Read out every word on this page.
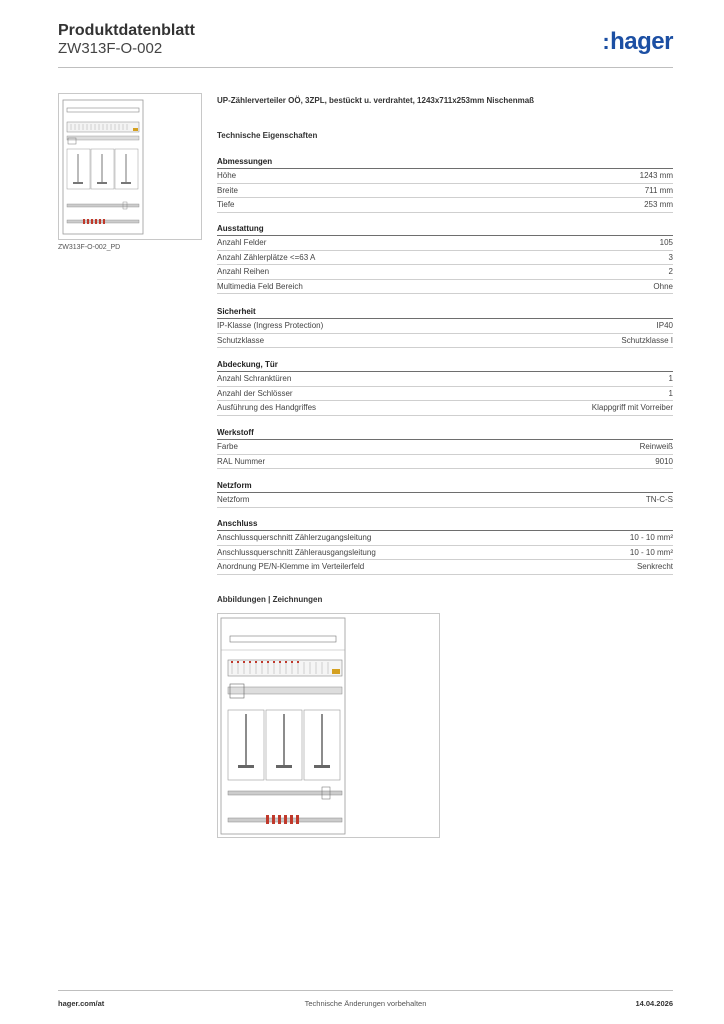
Produktdatenblatt
ZW313F-O-002	:hager
ZW313F-O-002_PD
UP-Zählerverteiler OÖ, 3ZPL, bestückt u. verdrahtet, 1243x711x253mm Nischenmaß
Technische Eigenschaften
Abmessungen
Höhe	1243 mm
Breite	711 mm
Tiefe	253 mm
Ausstattung
Anzahl Felder	105
Anzahl Zählerplätze <=63 A	3
Anzahl Reihen	2
Multimedia Feld Bereich	Ohne
Sicherheit
IP-Klasse (Ingress Protection)	IP40
Schutzklasse	Schutzklasse I
Abdeckung, Tür
Anzahl Schranktüren	1
Anzahl der Schlösser	1
Ausführung des Handgriffes	Klappgriff mit Vorreiber
Werkstoff
Farbe	Reinweiß
RAL Nummer	9010
Netzform
Netzform	TN-C-S
Anschluss
Anschlussquerschnitt Zählerzugangsleitung	10 - 10 mm²
Anschlussquerschnitt Zählerausgangsleitung	10 - 10 mm²
Anordnung PE/N-Klemme im Verteilerfeld	Senkrecht
Abbildungen | Zeichnungen
hager.com/at	Technische Änderungen vorbehalten	14.04.2026
